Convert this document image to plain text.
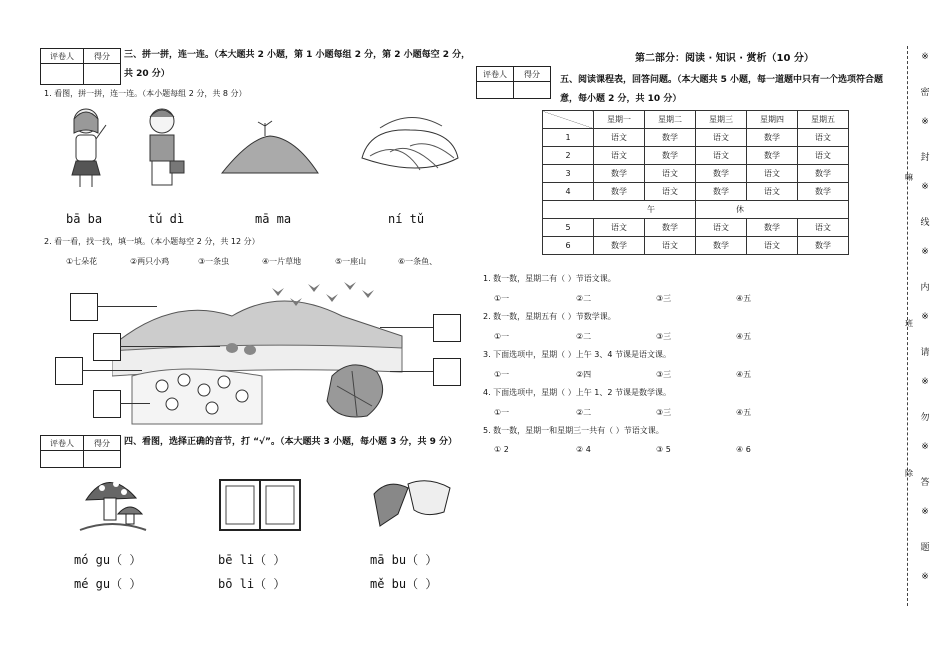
评卷人	得分
	三、拼一拼，连一连。（本大题共 2 小题，第 1 小题每组 2 分，第 2 小题每空 2 分，
共 20 分）
1. 看图，拼一拼，连一连。（本小题每组 2 分，共 8 分）
bā ba	tǔ dì	mā ma	ní tǔ
2. 看一看，找一找，填一填。（本小题每空 2 分，共 12 分）
①七朵花	②两只小鸡	③一条虫	④一片草地	⑤一座山	⑥一条鱼、
评卷人	得分
	四、看图，选择正确的音节，打 “√”。（本大题共 3 小题，每小题 3 分，共 9 分）
mó gu（ ）
mé gu（ ）
bē li（ ）
bō li（ ）
mā bu（ ）
mě bu（ ）
第二部分：阅读 · 知识 · 赏析（10 分）
评卷人	得分

五、阅读课程表，回答问题。（本大题共 5 小题，每一道题中只有一个选项符合题
意，每小题 2 分，共 10 分）
	星期一	星期二	星期三	星期四	星期五
1	语文	数学	语文	数学	语文
2	语文	数学	语文	数学	语文
3	数学	语文	数学	语文	数学
4	数学	语文	数学	语文	数学
午			休		
5	语文	数学	语文	数学	语文
6	数学	语文	数学	语文	数学
1. 数一数，星期二有（ ）节语文课。
①一	②二	③三	④五
2. 数一数，星期五有（ ）节数学课。
①一	②二	③三	④五
3. 下面选项中，星期（ ）上午 3、4 节课是语文课。
①一	②四	③三	④五
4. 下面选项中，星期（ ）上午 1、2 节课是数学课。
①一	②二	③三	④五
5. 数一数，星期一和星期三一共有（ ）节语文课。
① 2	② 4	③ 5	④ 6
※
密
※
封
※
线
※
内
※
请
※
勿
※
答
※
题
※
嘛
班
除
